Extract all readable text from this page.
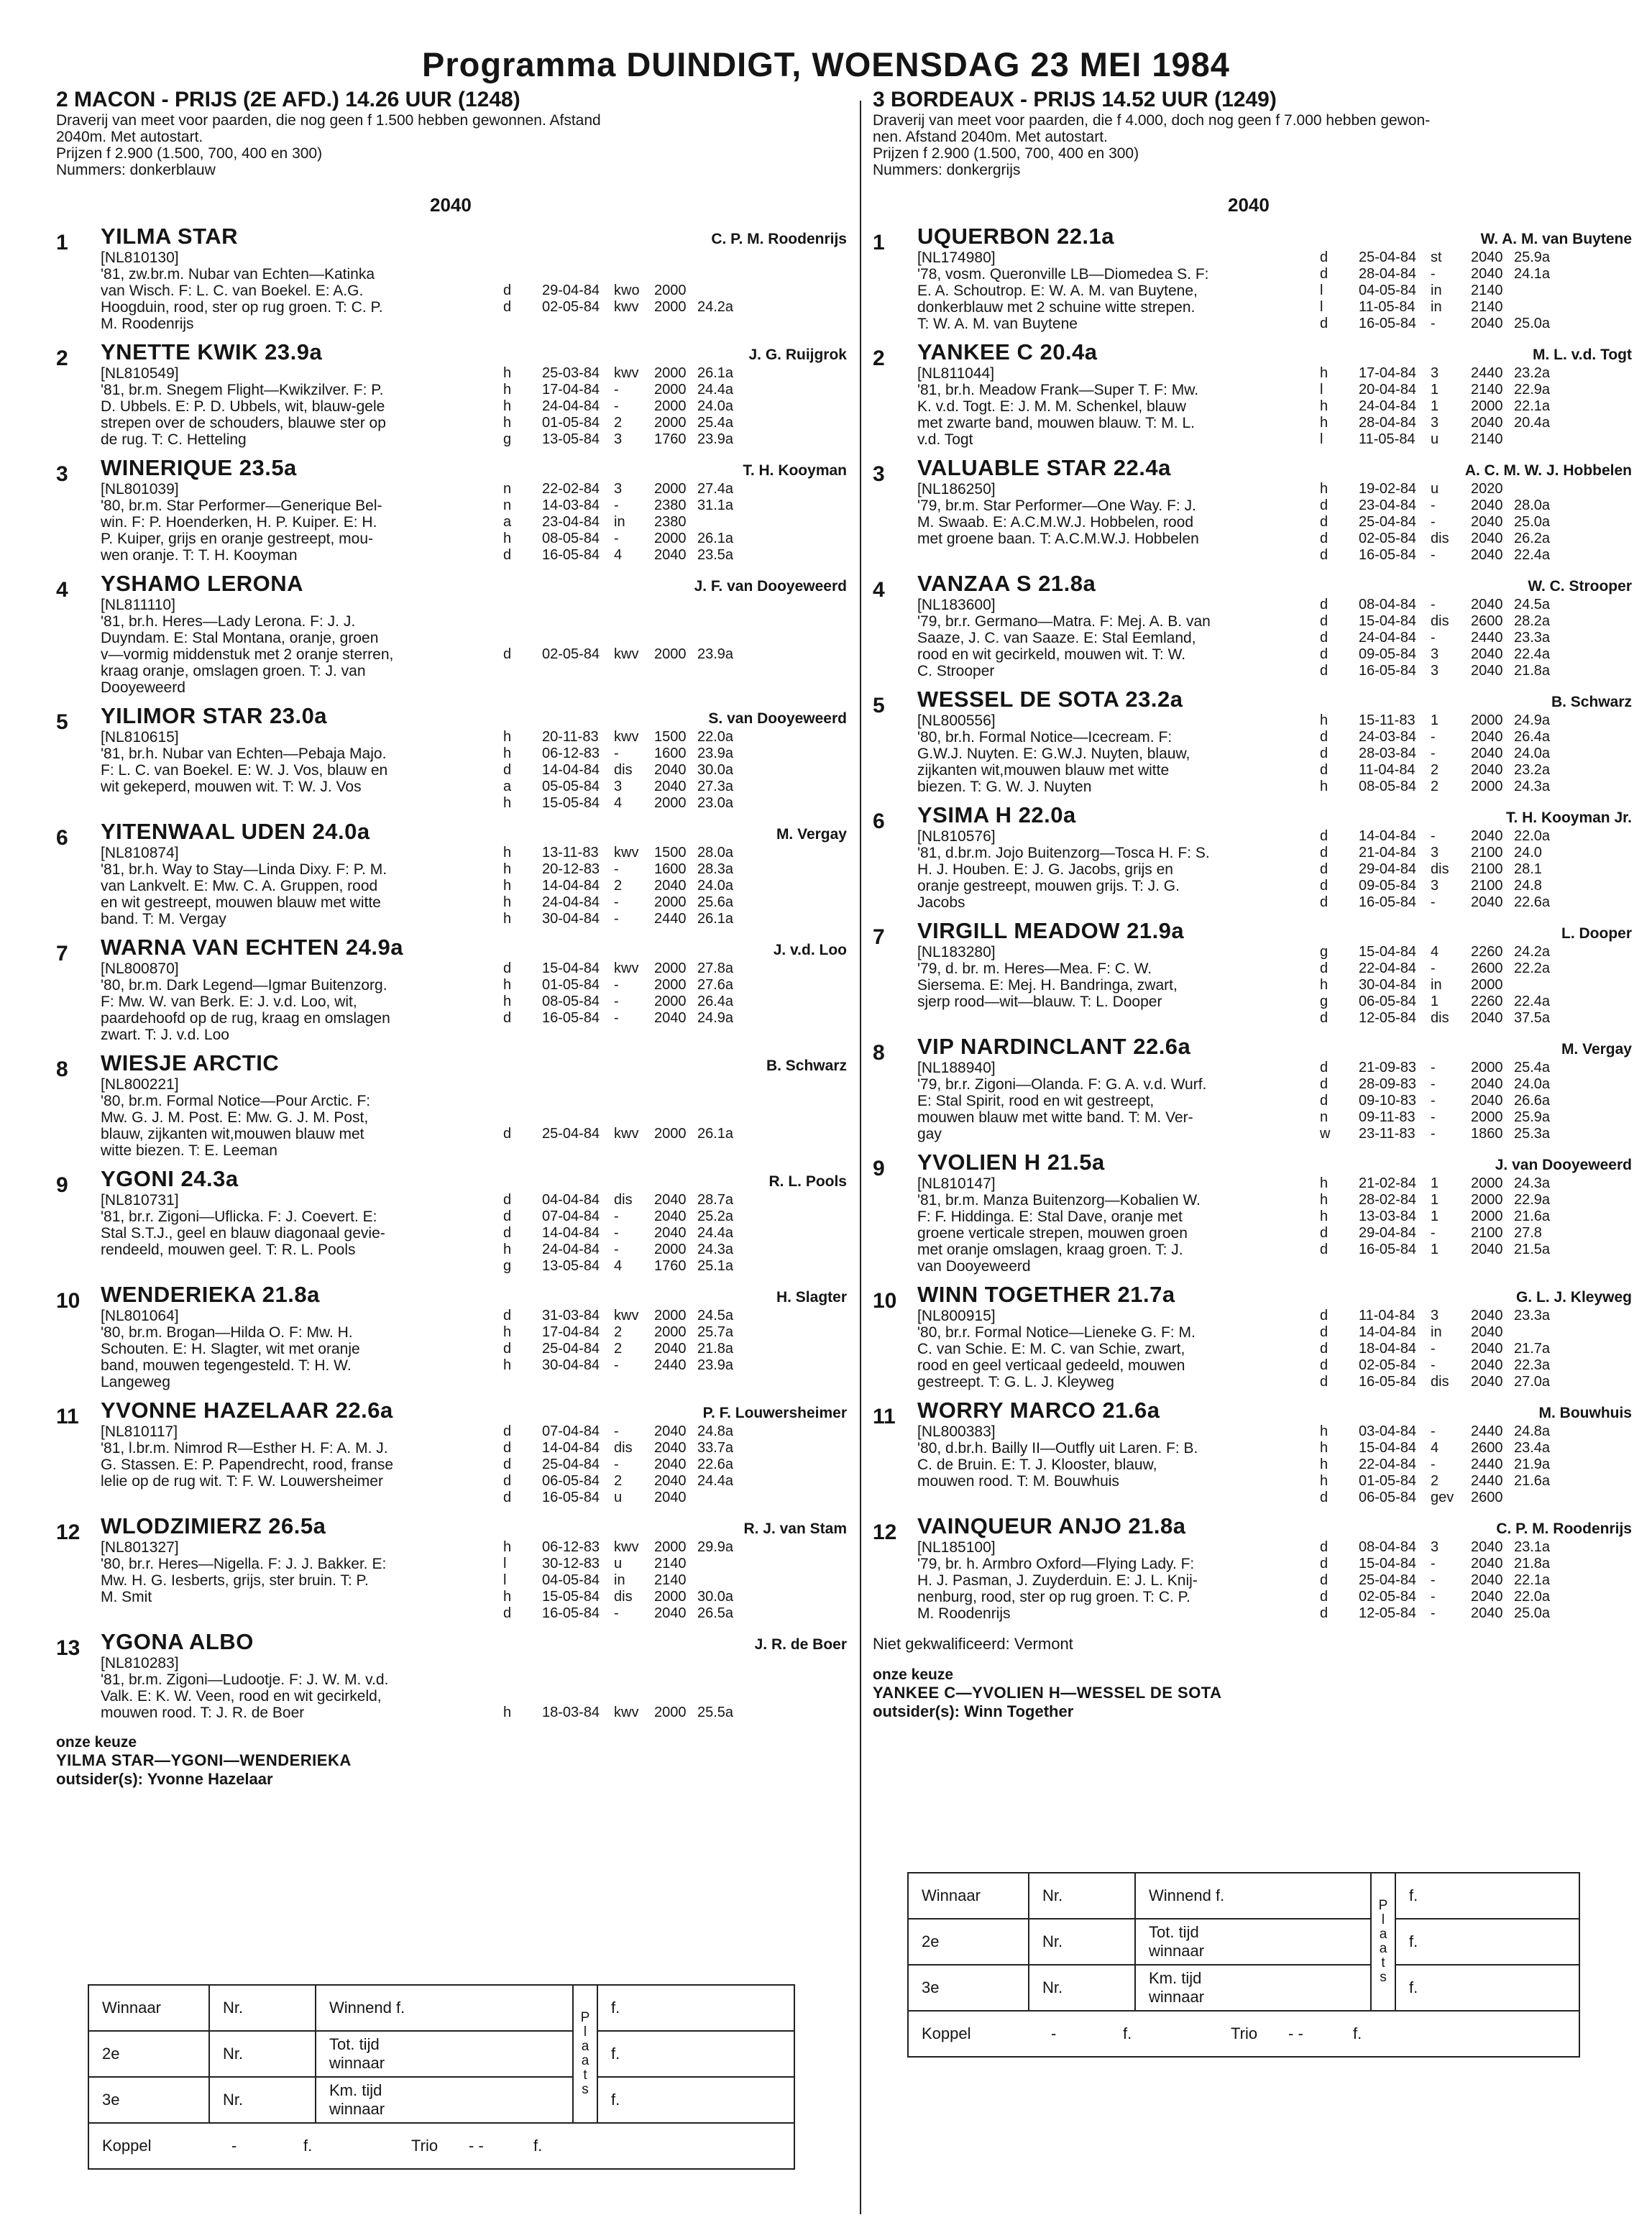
Programma DUINDIGT, WOENSDAG 23 MEI 1984
2 MACON - PRIJS (2E AFD.) 14.26 UUR (1248)
Draverij van meet voor paarden, die nog geen f 1.500 hebben gewonnen. Afstand
2040m. Met autostart.
Prijzen f 2.900 (1.500, 700, 400 en 300)
Nummers: donkerblauw
2040
1	YILMA STAR	C. P. M. Roodenrijs
[NL810130]
'81, zw.br.m. Nubar van Echten—Katinka
van Wisch. F: L. C. van Boekel. E: A.G.
Hoogduin, rood, ster op rug groen. T: C. P.
M. Roodenrijs

d	29-04-84 kwo	2000
d	02-05-84 kwv	2000 24.2a
2	YNETTE KWIK 23.9a	J. G. Ruijgrok
[NL810549]
'81, br.m. Snegem Flight—Kwikzilver. F: P.
D. Ubbels. E: P. D. Ubbels, wit, blauw-gele
strepen over de schouders, blauwe ster op
de rug. T: C. Hetteling
h	25-03-84 kwv	2000 26.1a
h	17-04-84 -	2000 24.4a
h	24-04-84 -	2000 24.0a
h	01-05-84 2	2000 25.4a
g	13-05-84 3	1760 23.9a
3	WINERIQUE 23.5a	T. H. Kooyman
[NL801039]
'80, br.m. Star Performer—Generique Bel-
win. F: P. Hoenderken, H. P. Kuiper. E: H.
P. Kuiper, grijs en oranje gestreept, mou-
wen oranje. T: T. H. Kooyman
n	22-02-84 3	2000 27.4a
n	14-03-84 -	2380 31.1a
a	23-04-84 in	2380
h	08-05-84 -	2000 26.1a
d	16-05-84 4	2040 23.5a
4	YSHAMO LERONA	J. F. van Dooyeweerd
[NL811110]
'81, br.h. Heres—Lady Lerona. F: J. J.
Duyndam. E: Stal Montana, oranje, groen
v—vormig middenstuk met 2 oranje sterren,
kraag oranje, omslagen groen. T: J. van
Dooyeweerd

d	02-05-84 kwv	2000 23.9a
5	YILIMOR STAR 23.0a	S. van Dooyeweerd
[NL810615]
'81, br.h. Nubar van Echten—Pebaja Majo.
F: L. C. van Boekel. E: W. J. Vos, blauw en
wit gekeperd, mouwen wit. T: W. J. Vos
h	20-11-83	kwv	1500 22.0a
h	06-12-83 -	1600 23.9a
d	14-04-84 dis	2040 30.0a
a	05-05-84 3	2040 27.3a
h	15-05-84 4	2000 23.0a
6	YITENWAAL UDEN 24.0a	M. Vergay
[NL810874]
'81, br.h. Way to Stay—Linda Dixy. F: P. M.
van Lankvelt. E: Mw. C. A. Gruppen, rood
en wit gestreept, mouwen blauw met witte
band. T: M. Vergay
h	13-11-83	kwv	1500 28.0a
h	20-12-83 -	1600 28.3a
h	14-04-84 2	2040 24.0a
h	24-04-84 -	2000 25.6a
h	30-04-84 -	2440 26.1a
7	WARNA VAN ECHTEN 24.9a	J. v.d. Loo
[NL800870]
'80, br.m. Dark Legend—Igmar Buitenzorg.
F: Mw. W. van Berk. E: J. v.d. Loo, wit,
paardehoofd op de rug, kraag en omslagen
zwart. T: J. v.d. Loo
d	15-04-84 kwv	2000 27.8a
h	01-05-84 -	2000 27.6a
h	08-05-84 -	2000 26.4a
d	16-05-84 -	2040 24.9a
8	WIESJE ARCTIC	B. Schwarz
[NL800221]
'80, br.m. Formal Notice—Pour Arctic. F:
Mw. G. J. M. Post. E: Mw. G. J. M. Post,
blauw, zijkanten wit,mouwen blauw met
witte biezen. T: E. Leeman

d	25-04-84 kwv	2000 26.1a
9	YGONI 24.3a	R. L. Pools
[NL810731]
'81, br.r. Zigoni—Uflicka. F: J. Coevert. E:
Stal S.T.J., geel en blauw diagonaal gevie-
rendeeld, mouwen geel. T: R. L. Pools
d	04-04-84 dis	2040 28.7a
d	07-04-84 -	2040 25.2a
d	14-04-84 -	2040 24.4a
h	24-04-84 -	2000 24.3a
g	13-05-84 4	1760 25.1a
10 WENDERIEKA 21.8a	H. Slagter
[NL801064]
'80, br.m. Brogan—Hilda O. F: Mw. H.
Schouten. E: H. Slagter, wit met oranje
band, mouwen tegengesteld. T: H. W.
Langeweg
d	31-03-84 kwv	2000 24.5a
h	17-04-84 2	2000 25.7a
d	25-04-84 2	2040 21.8a
h	30-04-84 -	2440 23.9a
11 YVONNE HAZELAAR 22.6a	P. F. Louwersheimer
[NL810117]
'81, l.br.m. Nimrod R—Esther H. F: A. M. J.
G. Stassen. E: P. Papendrecht, rood, franse
lelie op de rug wit. T: F. W. Louwersheimer
d	07-04-84 -	2040 24.8a
d	14-04-84 dis	2040 33.7a
d	25-04-84 -	2040 22.6a
d	06-05-84 2	2040 24.4a
d	16-05-84 u	2040
12 WLODZIMIERZ 26.5a	R. J. van Stam
[NL801327]
'80, br.r. Heres—Nigella. F: J. J. Bakker. E:
Mw. H. G. Iesberts, grijs, ster bruin. T: P.
M. Smit
h	06-12-83 kwv	2000 29.9a
l	30-12-83 u	2140
l	04-05-84 in	2140
h	15-05-84 dis	2000 30.0a
d	16-05-84 -	2040 26.5a
13 YGONA ALBO	J. R. de Boer
[NL810283]
'81, br.m. Zigoni—Ludootje. F: J. W. M. v.d.
Valk. E: K. W. Veen, rood en wit gecirkeld,
mouwen rood. T: J. R. de Boer

	h	18-03-84 kwv	2000 25.5a
onze keuze
YILMA STAR—YGONI—WENDERIEKA
outsider(s): Yvonne Hazelaar
3 BORDEAUX - PRIJS 14.52 UUR (1249)
Draverij van meet voor paarden, die f 4.000, doch nog geen f 7.000 hebben gewon-
nen. Afstand 2040m. Met autostart.
Prijzen f 2.900 (1.500, 700, 400 en 300)
Nummers: donkergrijs
2040
1	UQUERBON 22.1a	W. A. M. van Buytene
[NL174980]
'78, vosm. Queronville LB—Diomedea S. F:
E. A. Schoutrop. E: W. A. M. van Buytene,
donkerblauw met 2 schuine witte strepen.
T: W. A. M. van Buytene
d	25-04-84 st	2040 25.9a
d	28-04-84 -	2040 24.1a
l	04-05-84 in	2140
l	11-05-84	in	2140
d	16-05-84 -	2040 25.0a
2	YANKEE C 20.4a	M. L. v.d. Togt
[NL811044]
'81, br.h. Meadow Frank—Super T. F: Mw.
K. v.d. Togt. E: J. M. M. Schenkel, blauw
met zwarte band, mouwen blauw. T: M. L.
v.d. Togt
h	17-04-84 3	2440 23.2a
l	20-04-84 1	2140 22.9a
h	24-04-84 1	2000 22.1a
h	28-04-84 3	2040 20.4a
l	11-05-84	u	2140
3	VALUABLE STAR 22.4a	A. C. M. W. J. Hobbelen
[NL186250]
'79, br.m. Star Performer—One Way. F: J.
M. Swaab. E: A.C.M.W.J. Hobbelen, rood
met groene baan. T: A.C.M.W.J. Hobbelen
h	19-02-84 u	2020
d	23-04-84 -	2040 28.0a
d	25-04-84 -	2040 25.0a
d	02-05-84 dis	2040 26.2a
d	16-05-84 -	2040 22.4a
4	VANZAA S 21.8a	W. C. Strooper
[NL183600]
'79, br.r. Germano—Matra. F: Mej. A. B. van
Saaze, J. C. van Saaze. E: Stal Eemland,
rood en wit gecirkeld, mouwen wit. T: W.
C. Strooper
d	08-04-84 -	2040 24.5a
d	15-04-84 dis	2600 28.2a
d	24-04-84 -	2440 23.3a
d	09-05-84 3	2040 22.4a
d	16-05-84 3	2040 21.8a
5	WESSEL DE SOTA 23.2a	B. Schwarz
[NL800556]
'80, br.h. Formal Notice—Icecream. F:
G.W.J. Nuyten. E: G.W.J. Nuyten, blauw,
zijkanten wit,mouwen blauw met witte
biezen. T: G. W. J. Nuyten
h	15-11-83	1	2000 24.9a
d	24-03-84 -	2040 26.4a
d	28-03-84 -	2040 24.0a
d	11-04-84	2	2040 23.2a
h	08-05-84 2	2000 24.3a
6	YSIMA H 22.0a	T. H. Kooyman Jr.
[NL810576]
'81, d.br.m. Jojo Buitenzorg—Tosca H. F: S.
H. J. Houben. E: J. G. Jacobs, grijs en
oranje gestreept, mouwen grijs. T: J. G.
Jacobs
d	14-04-84 -	2040 22.0a
d	21-04-84 3	2100 24.0
d	29-04-84 dis	2100 28.1
d	09-05-84 3	2100 24.8
d	16-05-84 -	2040 22.6a
7	VIRGILL MEADOW 21.9a	L. Dooper
[NL183280]
'79, d. br. m. Heres—Mea. F: C. W.
Siersema. E: Mej. H. Bandringa, zwart,
sjerp rood—wit—blauw. T: L. Dooper
g	15-04-84 4	2260 24.2a
d	22-04-84 -	2600 22.2a
h	30-04-84 in	2000
g	06-05-84 1	2260 22.4a
d	12-05-84 dis	2040 37.5a
8	VIP NARDINCLANT 22.6a	M. Vergay
[NL188940]
'79, br.r. Zigoni—Olanda. F: G. A. v.d. Wurf.
E: Stal Spirit, rood en wit gestreept,
mouwen blauw met witte band. T: M. Ver-
gay
d	21-09-83 -	2000 25.4a
d	28-09-83 -	2040 24.0a
d	09-10-83 -	2040 26.6a
n	09-11-83	-	2000 25.9a
w	23-11-83	-	1860 25.3a
9	YVOLIEN H 21.5a	J. van Dooyeweerd
[NL810147]
'81, br.m. Manza Buitenzorg—Kobalien W.
F: F. Hiddinga. E: Stal Dave, oranje met
groene verticale strepen, mouwen groen
met oranje omslagen, kraag groen. T: J.
van Dooyeweerd
h	21-02-84 1	2000 24.3a
h	28-02-84 1	2000 22.9a
h	13-03-84 1	2000 21.6a
d	29-04-84 -	2100 27.8
d	16-05-84 1	2040 21.5a
10 WINN TOGETHER 21.7a	G. L. J. Kleyweg
[NL800915]
'80, br.r. Formal Notice—Lieneke G. F: M.
C. van Schie. E: M. C. van Schie, zwart,
rood en geel verticaal gedeeld, mouwen
gestreept. T: G. L. J. Kleyweg
d	11-04-84	3	2040 23.3a
d	14-04-84 in	2040
d	18-04-84 -	2040 21.7a
d	02-05-84 -	2040 22.3a
d	16-05-84 dis	2040 27.0a
11 WORRY MARCO 21.6a	M. Bouwhuis
[NL800383]
'80, d.br.h. Bailly II—Outfly uit Laren. F: B.
C. de Bruin. E: T. J. Klooster, blauw,
mouwen rood. T: M. Bouwhuis
h	03-04-84 -	2440 24.8a
h	15-04-84 4	2600 23.4a
h	22-04-84 -	2440 21.9a
h	01-05-84 2	2440 21.6a
d	06-05-84 gev	2600
12 VAINQUEUR ANJO 21.8a	C. P. M. Roodenrijs
[NL185100]
'79, br. h. Armbro Oxford—Flying Lady. F:
H. J. Pasman, J. Zuyderduin. E: J. L. Knij-
nenburg, rood, ster op rug groen. T: C. P.
M. Roodenrijs
d	08-04-84 3	2040 23.1a
d	15-04-84 -	2040 21.8a
d	25-04-84 -	2040 22.1a
d	02-05-84 -	2040 22.0a
d	12-05-84 -	2040 25.0a
Niet gekwalificeerd: Vermont
onze keuze
YANKEE C—YVOLIEN H—WESSEL DE SOTA
outsider(s): Winn Together
Winnaar	Nr.	Winnend f.	P l a a t s	f.
2e	Nr.	Tot. tijd
winnaar		f.
3e	Nr.	Km. tijd
winnaar		f.
Koppel - f. Trio - - f.				
Winnaar	Nr.	Winnend f.	P l a a t s	f.
2e	Nr.	Tot. tijd
winnaar		f.
3e	Nr.	Km. tijd
winnaar		f.
Koppel - f. Trio - - f.				
